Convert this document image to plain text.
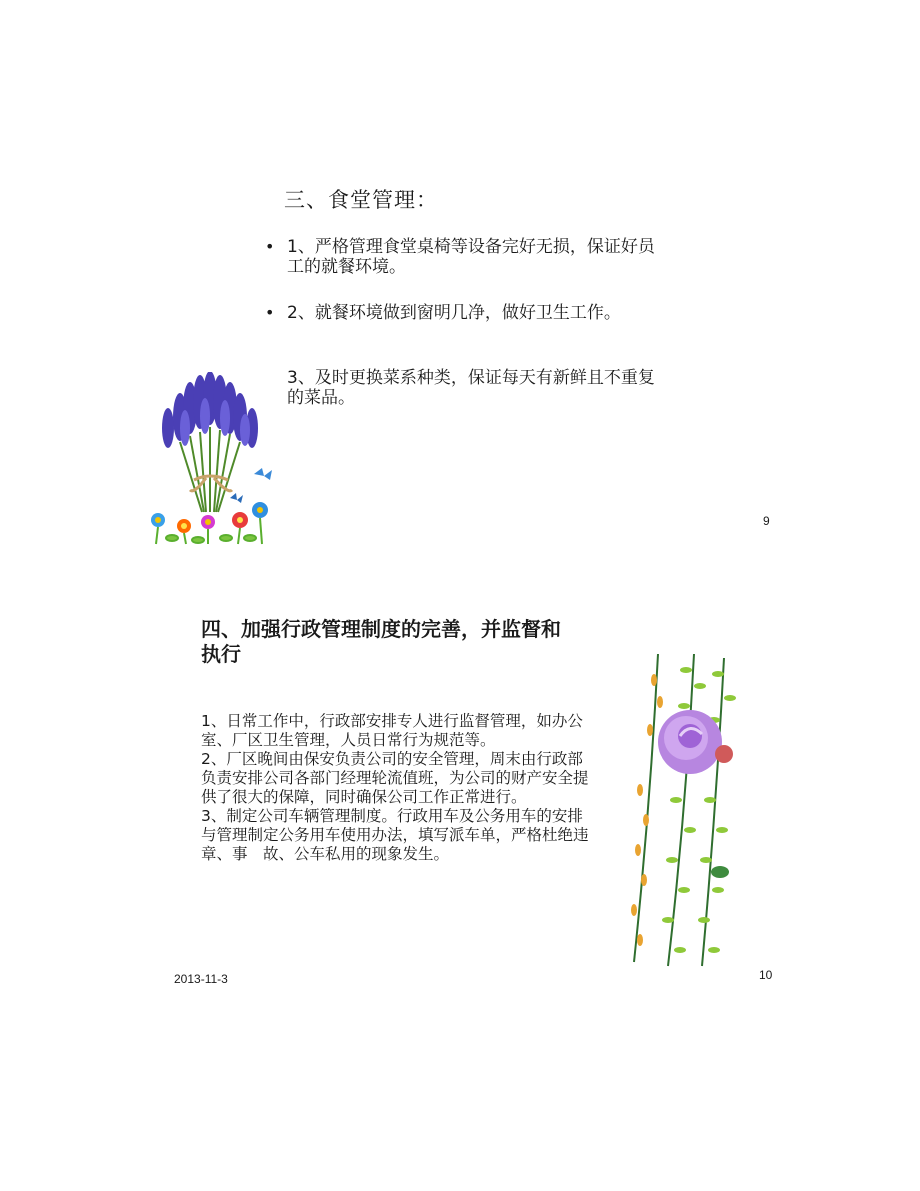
三、食堂管理：
• 1、严格管理食堂桌椅等设备完好无损，保证好员工的就餐环境。
• 2、就餐环境做到窗明几净，做好卫生工作。
3、及时更换菜系种类，保证每天有新鲜且不重复的菜品。
9
四、加强行政管理制度的完善，并监督和执行

1、日常工作中，行政部安排专人进行监督管理，如办公室、厂区卫生管理，人员日常行为规范等。

2、厂区晚间由保安负责公司的安全管理，周末由行政部负责安排公司各部门经理轮流值班，为公司的财产安全提供了很大的保障，同时确保公司工作正常进行。

3、制定公司车辆管理制度。行政用车及公务用车的安排与管理制定公务用车使用办法，填写派车单，严格杜绝违章、事　故、公车私用的现象发生。

2013-11-3	10
